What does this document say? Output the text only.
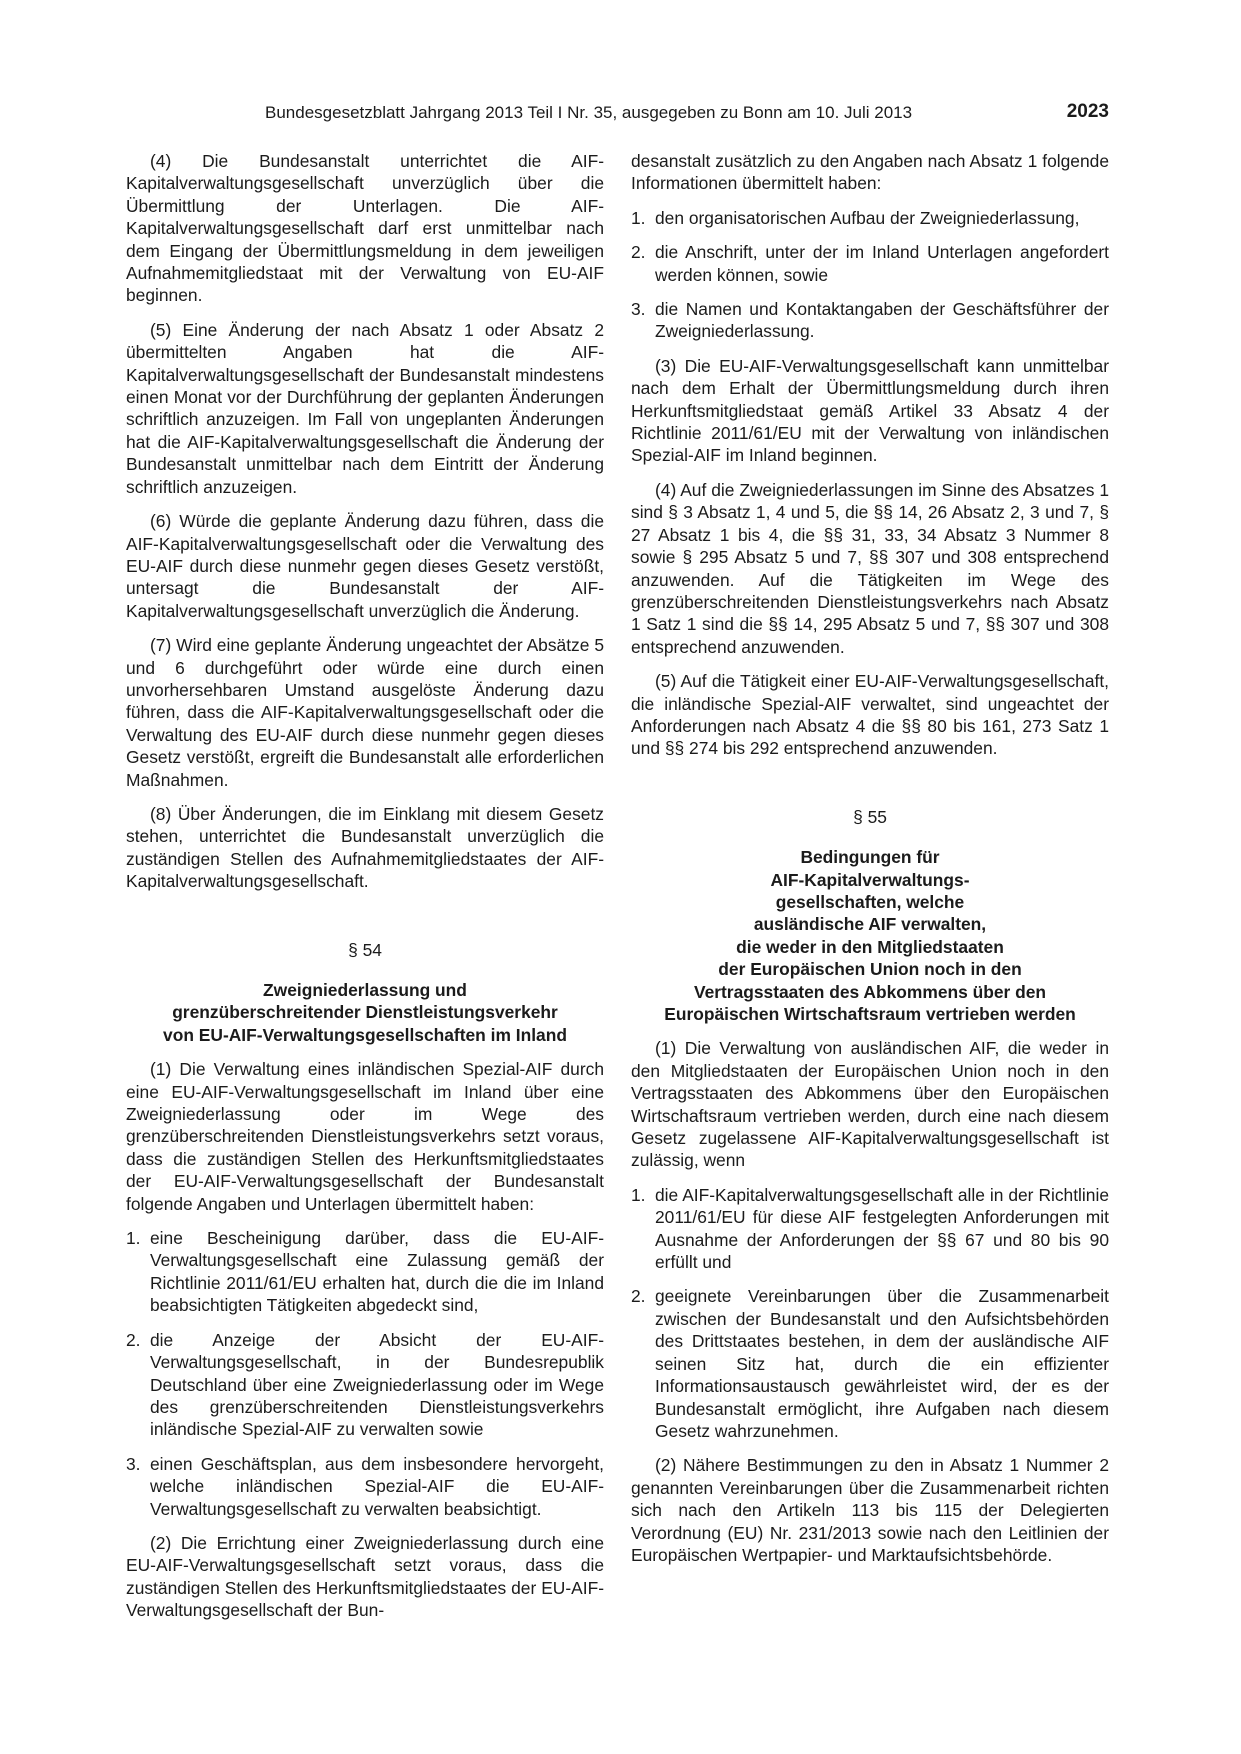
Bundesgesetzblatt Jahrgang 2013 Teil I Nr. 35, ausgegeben zu Bonn am 10. Juli 2013	2023

(4) Die Bundesanstalt unterrichtet die AIF-Kapitalverwaltungsgesellschaft unverzüglich über die Übermittlung der Unterlagen. Die AIF-Kapitalverwaltungsgesellschaft darf erst unmittelbar nach dem Eingang der Übermittlungsmeldung in dem jeweiligen Aufnahmemitgliedstaat mit der Verwaltung von EU-AIF beginnen.

(5) Eine Änderung der nach Absatz 1 oder Absatz 2 übermittelten Angaben hat die AIF-Kapitalverwaltungsgesellschaft der Bundesanstalt mindestens einen Monat vor der Durchführung der geplanten Änderungen schriftlich anzuzeigen. Im Fall von ungeplanten Änderungen hat die AIF-Kapitalverwaltungsgesellschaft die Änderung der Bundesanstalt unmittelbar nach dem Eintritt der Änderung schriftlich anzuzeigen.

(6) Würde die geplante Änderung dazu führen, dass die AIF-Kapitalverwaltungsgesellschaft oder die Verwaltung des EU-AIF durch diese nunmehr gegen dieses Gesetz verstößt, untersagt die Bundesanstalt der AIF-Kapitalverwaltungsgesellschaft unverzüglich die Änderung.

(7) Wird eine geplante Änderung ungeachtet der Absätze 5 und 6 durchgeführt oder würde eine durch einen unvorhersehbaren Umstand ausgelöste Änderung dazu führen, dass die AIF-Kapitalverwaltungsgesellschaft oder die Verwaltung des EU-AIF durch diese nunmehr gegen dieses Gesetz verstößt, ergreift die Bundesanstalt alle erforderlichen Maßnahmen.

(8) Über Änderungen, die im Einklang mit diesem Gesetz stehen, unterrichtet die Bundesanstalt unverzüglich die zuständigen Stellen des Aufnahmemitgliedstaates der AIF-Kapitalverwaltungsgesellschaft.

§ 54
Zweigniederlassung und
grenzüberschreitender Dienstleistungsverkehr
von EU-AIF-Verwaltungsgesellschaften im Inland

(1) Die Verwaltung eines inländischen Spezial-AIF durch eine EU-AIF-Verwaltungsgesellschaft im Inland über eine Zweigniederlassung oder im Wege des grenzüberschreitenden Dienstleistungsverkehrs setzt voraus, dass die zuständigen Stellen des Herkunftsmitgliedstaates der EU-AIF-Verwaltungsgesellschaft der Bundesanstalt folgende Angaben und Unterlagen übermittelt haben:

1. eine Bescheinigung darüber, dass die EU-AIF-Verwaltungsgesellschaft eine Zulassung gemäß der Richtlinie 2011/61/EU erhalten hat, durch die die im Inland beabsichtigten Tätigkeiten abgedeckt sind,
2. die Anzeige der Absicht der EU-AIF-Verwaltungsgesellschaft, in der Bundesrepublik Deutschland über eine Zweigniederlassung oder im Wege des grenzüberschreitenden Dienstleistungsverkehrs inländische Spezial-AIF zu verwalten sowie
3. einen Geschäftsplan, aus dem insbesondere hervorgeht, welche inländischen Spezial-AIF die EU-AIF-Verwaltungsgesellschaft zu verwalten beabsichtigt.

(2) Die Errichtung einer Zweigniederlassung durch eine EU-AIF-Verwaltungsgesellschaft setzt voraus, dass die zuständigen Stellen des Herkunftsmitgliedstaates der EU-AIF-Verwaltungsgesellschaft der Bun-

desanstalt zusätzlich zu den Angaben nach Absatz 1 folgende Informationen übermittelt haben:

1. den organisatorischen Aufbau der Zweigniederlassung,
2. die Anschrift, unter der im Inland Unterlagen angefordert werden können, sowie
3. die Namen und Kontaktangaben der Geschäftsführer der Zweigniederlassung.

(3) Die EU-AIF-Verwaltungsgesellschaft kann unmittelbar nach dem Erhalt der Übermittlungsmeldung durch ihren Herkunftsmitgliedstaat gemäß Artikel 33 Absatz 4 der Richtlinie 2011/61/EU mit der Verwaltung von inländischen Spezial-AIF im Inland beginnen.

(4) Auf die Zweigniederlassungen im Sinne des Absatzes 1 sind § 3 Absatz 1, 4 und 5, die §§ 14, 26 Absatz 2, 3 und 7, § 27 Absatz 1 bis 4, die §§ 31, 33, 34 Absatz 3 Nummer 8 sowie § 295 Absatz 5 und 7, §§ 307 und 308 entsprechend anzuwenden. Auf die Tätigkeiten im Wege des grenzüberschreitenden Dienstleistungsverkehrs nach Absatz 1 Satz 1 sind die §§ 14, 295 Absatz 5 und 7, §§ 307 und 308 entsprechend anzuwenden.

(5) Auf die Tätigkeit einer EU-AIF-Verwaltungsgesellschaft, die inländische Spezial-AIF verwaltet, sind ungeachtet der Anforderungen nach Absatz 4 die §§ 80 bis 161, 273 Satz 1 und §§ 274 bis 292 entsprechend anzuwenden.

§ 55
Bedingungen für
AIF-Kapitalverwaltungs-
gesellschaften, welche
ausländische AIF verwalten,
die weder in den Mitgliedstaaten
der Europäischen Union noch in den
Vertragsstaaten des Abkommens über den
Europäischen Wirtschaftsraum vertrieben werden

(1) Die Verwaltung von ausländischen AIF, die weder in den Mitgliedstaaten der Europäischen Union noch in den Vertragsstaaten des Abkommens über den Europäischen Wirtschaftsraum vertrieben werden, durch eine nach diesem Gesetz zugelassene AIF-Kapitalverwaltungsgesellschaft ist zulässig, wenn

1. die AIF-Kapitalverwaltungsgesellschaft alle in der Richtlinie 2011/61/EU für diese AIF festgelegten Anforderungen mit Ausnahme der Anforderungen der §§ 67 und 80 bis 90 erfüllt und
2. geeignete Vereinbarungen über die Zusammenarbeit zwischen der Bundesanstalt und den Aufsichtsbehörden des Drittstaates bestehen, in dem der ausländische AIF seinen Sitz hat, durch die ein effizienter Informationsaustausch gewährleistet wird, der es der Bundesanstalt ermöglicht, ihre Aufgaben nach diesem Gesetz wahrzunehmen.

(2) Nähere Bestimmungen zu den in Absatz 1 Nummer 2 genannten Vereinbarungen über die Zusammenarbeit richten sich nach den Artikeln 113 bis 115 der Delegierten Verordnung (EU) Nr. 231/2013 sowie nach den Leitlinien der Europäischen Wertpapier- und Marktaufsichtsbehörde.
